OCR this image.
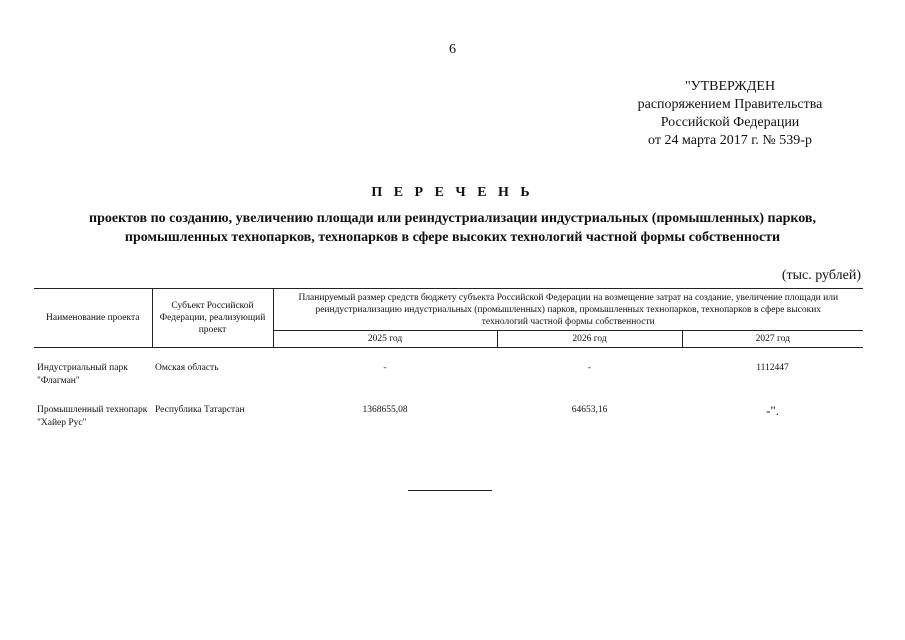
6
"УТВЕРЖДЕН
распоряжением Правительства
Российской Федерации
от 24 марта 2017 г. № 539-р
П Е Р Е Ч Е Н Ь
проектов по созданию, увеличению площади или реиндустриализации индустриальных (промышленных) парков, промышленных технопарков, технопарков в сфере высоких технологий частной формы собственности
(тыс. рублей)
Наименование проекта	Субъект Российской Федерации, реализующий проект	Планируемый размер средств бюджету субъекта Российской Федерации на возмещение затрат на создание, увеличение площади или реиндустриализацию индустриальных (промышленных) парков, промышленных технопарков, технопарков в сфере высоких технологий частной формы собственности		
		2025 год	2026 год	2027 год

Индустриальный парк "Флагман"	Омская область	-	-	1112447

Промышленный технопарк "Хайер Рус"	Республика Татарстан	1368655,08	64653,16	-".
